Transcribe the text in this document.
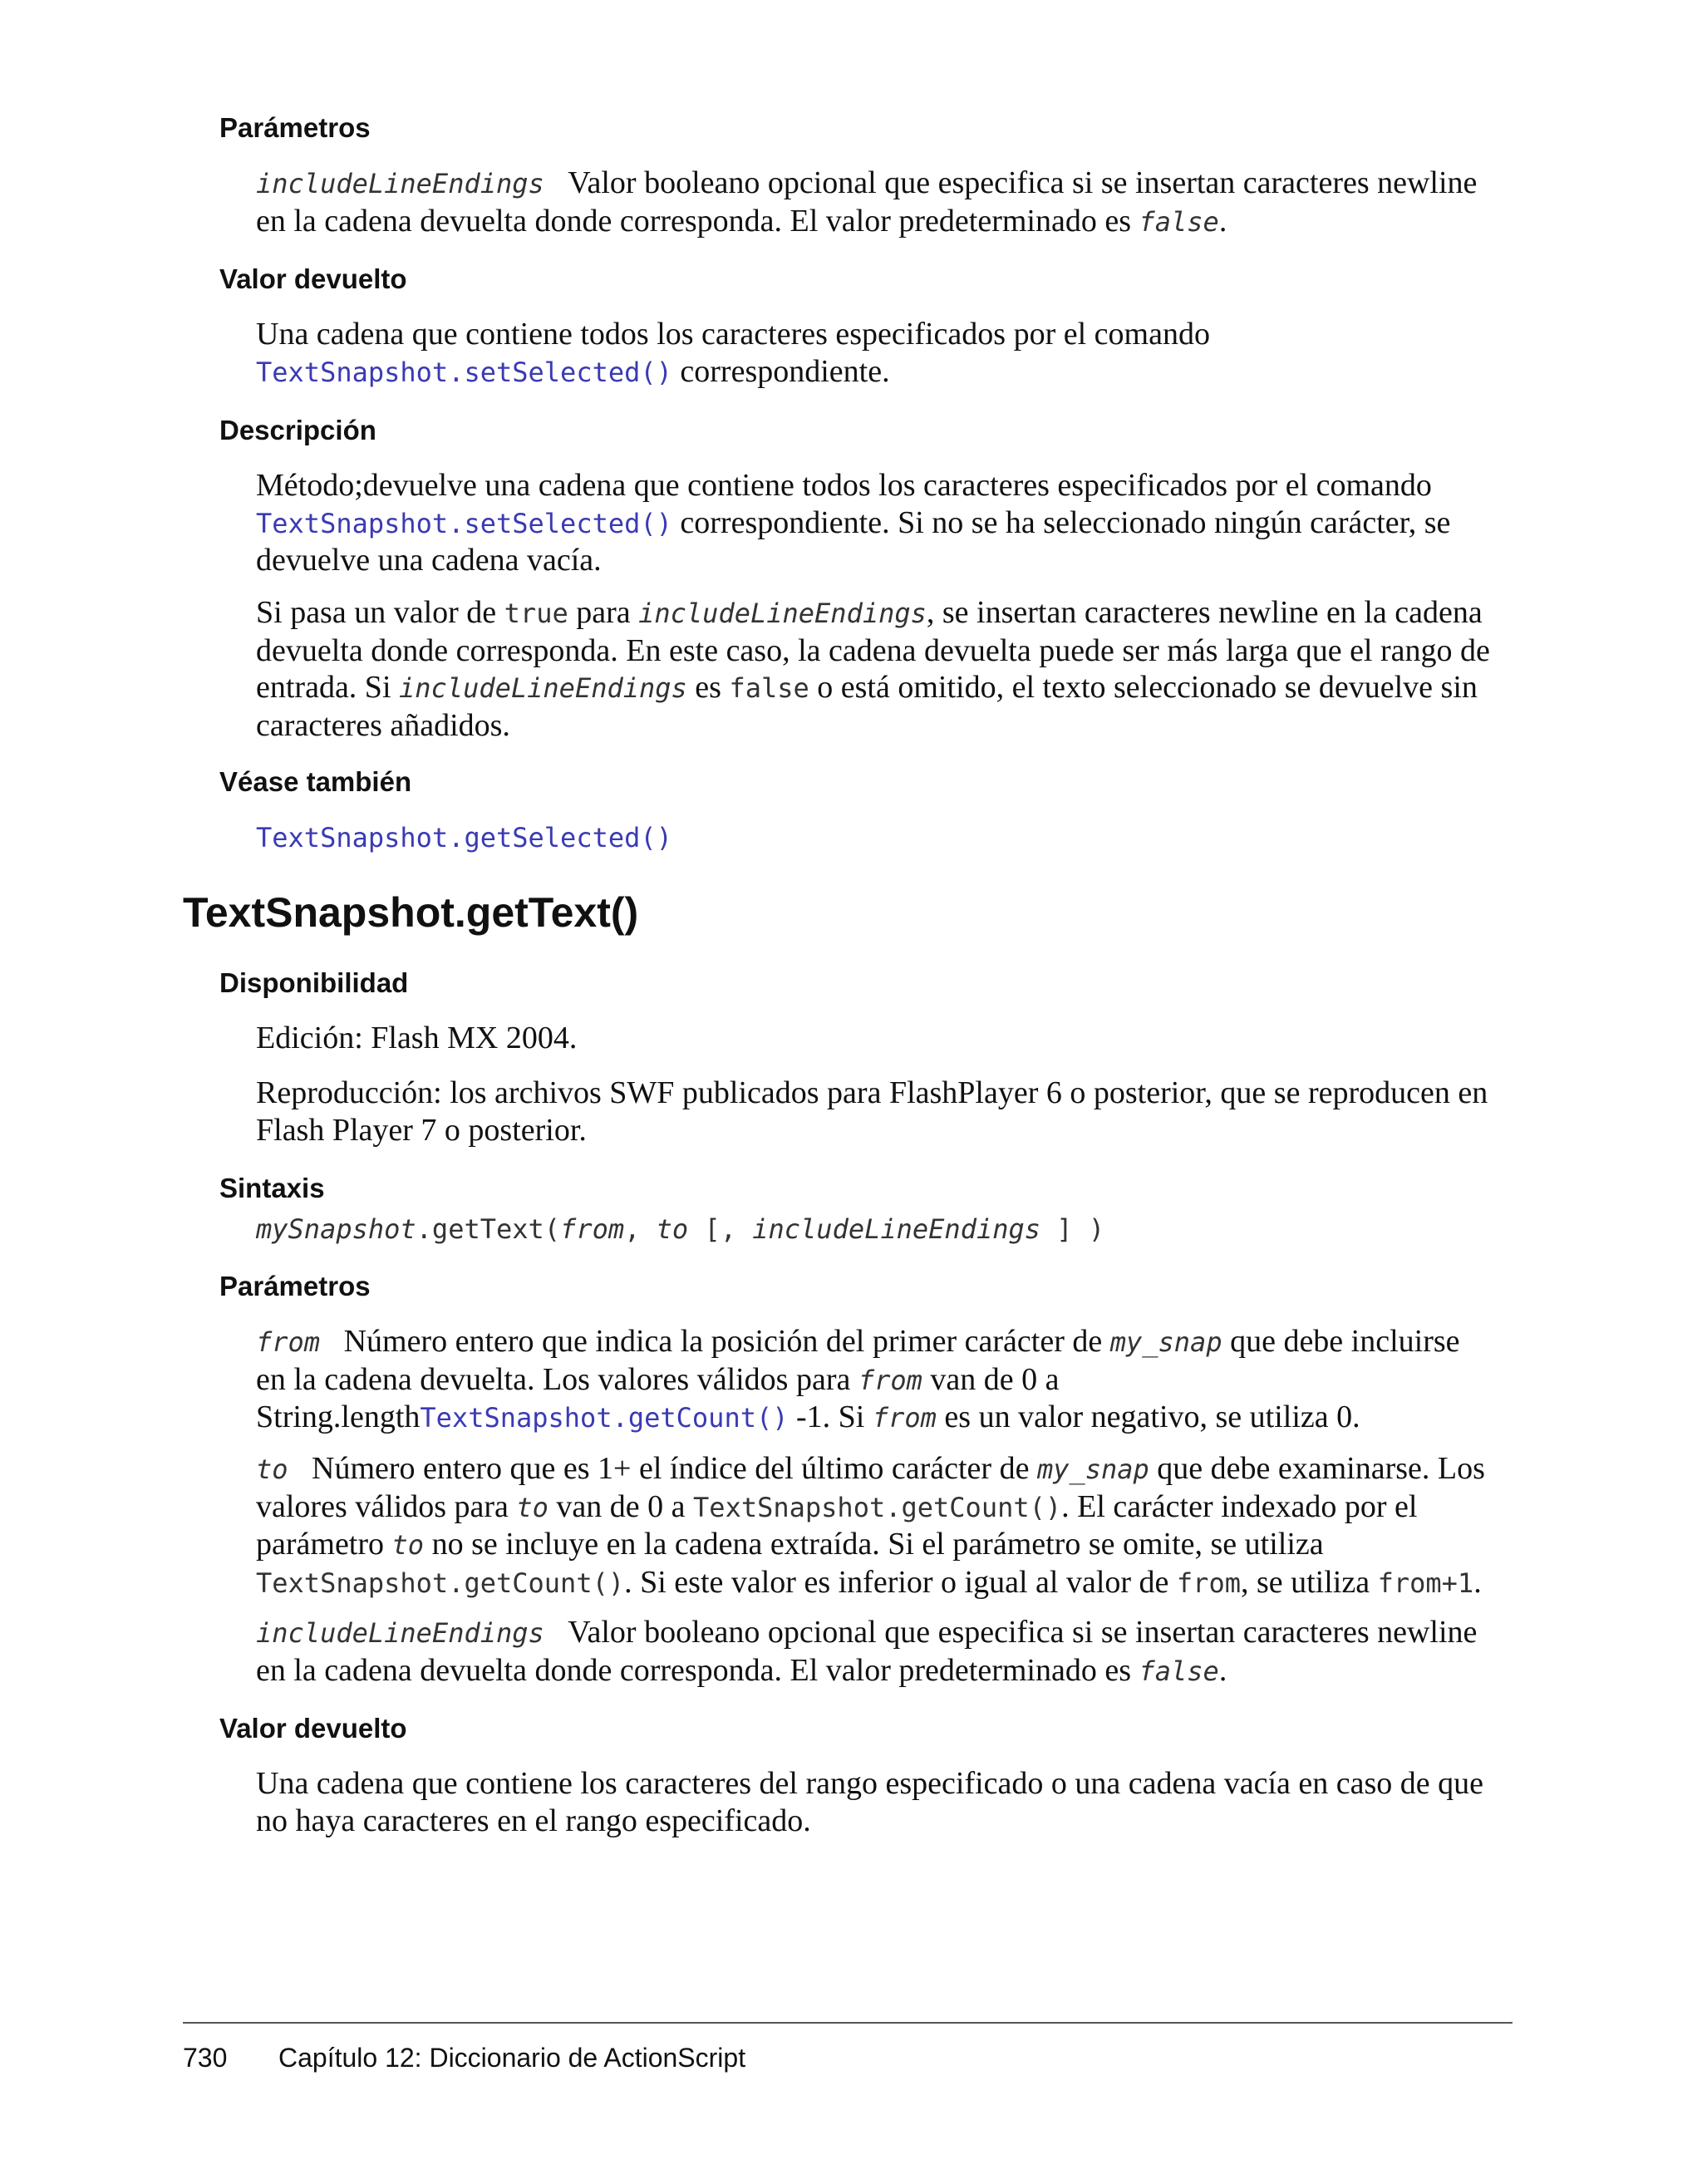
Parámetros
includeLineEndings Valor booleano opcional que especifica si se insertan caracteres newline
en la cadena devuelta donde corresponda. El valor predeterminado es false.
Valor devuelto
Una cadena que contiene todos los caracteres especificados por el comando
TextSnapshot.setSelected() correspondiente.
Descripción
Método;devuelve una cadena que contiene todos los caracteres especificados por el comando
TextSnapshot.setSelected() correspondiente. Si no se ha seleccionado ningún carácter, se
devuelve una cadena vacía.
Si pasa un valor de true para includeLineEndings, se insertan caracteres newline en la cadena
devuelta donde corresponda. En este caso, la cadena devuelta puede ser más larga que el rango de
entrada. Si includeLineEndings es false o está omitido, el texto seleccionado se devuelve sin
caracteres añadidos.
Véase también
TextSnapshot.getSelected()
TextSnapshot.getText()
Disponibilidad
Edición: Flash MX 2004.
Reproducción: los archivos SWF publicados para FlashPlayer 6 o posterior, que se reproducen en
Flash Player 7 o posterior.
Sintaxis
mySnapshot.getText(from, to [, includeLineEndings ] )
Parámetros
from Número entero que indica la posición del primer carácter de my_snap que debe incluirse
en la cadena devuelta. Los valores válidos para from van de 0 a
String.lengthTextSnapshot.getCount() -1. Si from es un valor negativo, se utiliza 0.
to Número entero que es 1+ el índice del último carácter de my_snap que debe examinarse. Los
valores válidos para to van de 0 a TextSnapshot.getCount(). El carácter indexado por el
parámetro to no se incluye en la cadena extraída. Si el parámetro se omite, se utiliza
TextSnapshot.getCount(). Si este valor es inferior o igual al valor de from, se utiliza from+1.
includeLineEndings Valor booleano opcional que especifica si se insertan caracteres newline
en la cadena devuelta donde corresponda. El valor predeterminado es false.
Valor devuelto
Una cadena que contiene los caracteres del rango especificado o una cadena vacía en caso de que
no haya caracteres en el rango especificado.
730 Capítulo 12: Diccionario de ActionScript
